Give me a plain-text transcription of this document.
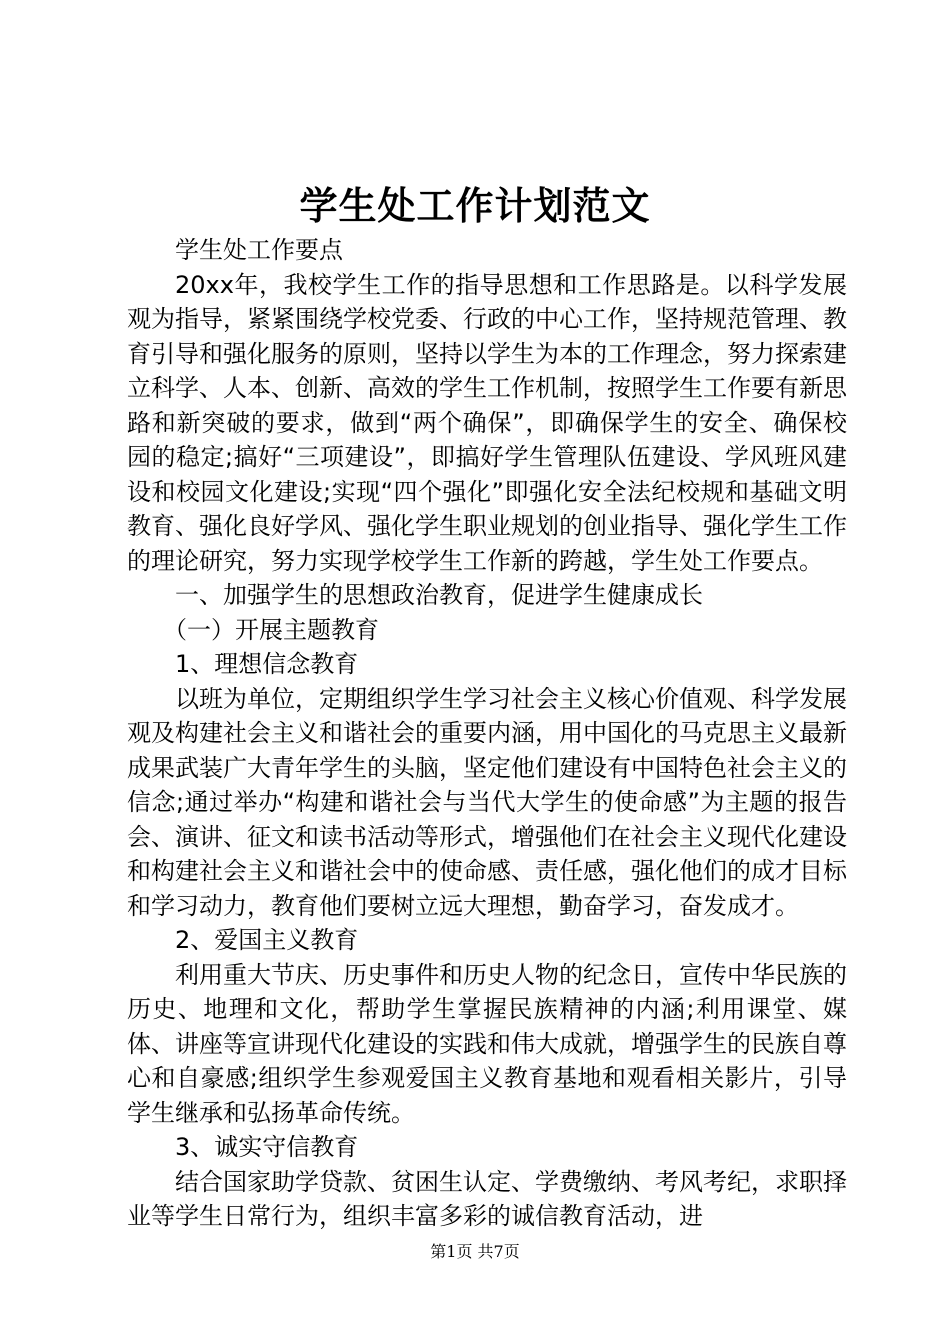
学生处工作计划范文

学生处工作要点

20xx年，我校学生工作的指导思想和工作思路是。以科学发展观为指导，紧紧围绕学校党委、行政的中心工作，坚持规范管理、教育引导和强化服务的原则，坚持以学生为本的工作理念，努力探索建立科学、人本、创新、高效的学生工作机制，按照学生工作要有新思路和新突破的要求，做到“两个确保”，即确保学生的安全、确保校园的稳定;搞好“三项建设”，即搞好学生管理队伍建设、学风班风建设和校园文化建设;实现“四个强化”即强化安全法纪校规和基础文明教育、强化良好学风、强化学生职业规划的创业指导、强化学生工作的理论研究，努力实现学校学生工作新的跨越，学生处工作要点。

一、加强学生的思想政治教育，促进学生健康成长

（一）开展主题教育

1、理想信念教育

以班为单位，定期组织学生学习社会主义核心价值观、科学发展观及构建社会主义和谐社会的重要内涵，用中国化的马克思主义最新成果武装广大青年学生的头脑，坚定他们建设有中国特色社会主义的信念;通过举办“构建和谐社会与当代大学生的使命感”为主题的报告会、演讲、征文和读书活动等形式，增强他们在社会主义现代化建设和构建社会主义和谐社会中的使命感、责任感，强化他们的成才目标和学习动力，教育他们要树立远大理想，勤奋学习，奋发成才。

2、爱国主义教育

利用重大节庆、历史事件和历史人物的纪念日，宣传中华民族的历史、地理和文化，帮助学生掌握民族精神的内涵;利用课堂、媒体、讲座等宣讲现代化建设的实践和伟大成就，增强学生的民族自尊心和自豪感;组织学生参观爱国主义教育基地和观看相关影片，引导学生继承和弘扬革命传统。

3、诚实守信教育

结合国家助学贷款、贫困生认定、学费缴纳、考风考纪，求职择业等学生日常行为，组织丰富多彩的诚信教育活动，进

第1页 共7页
